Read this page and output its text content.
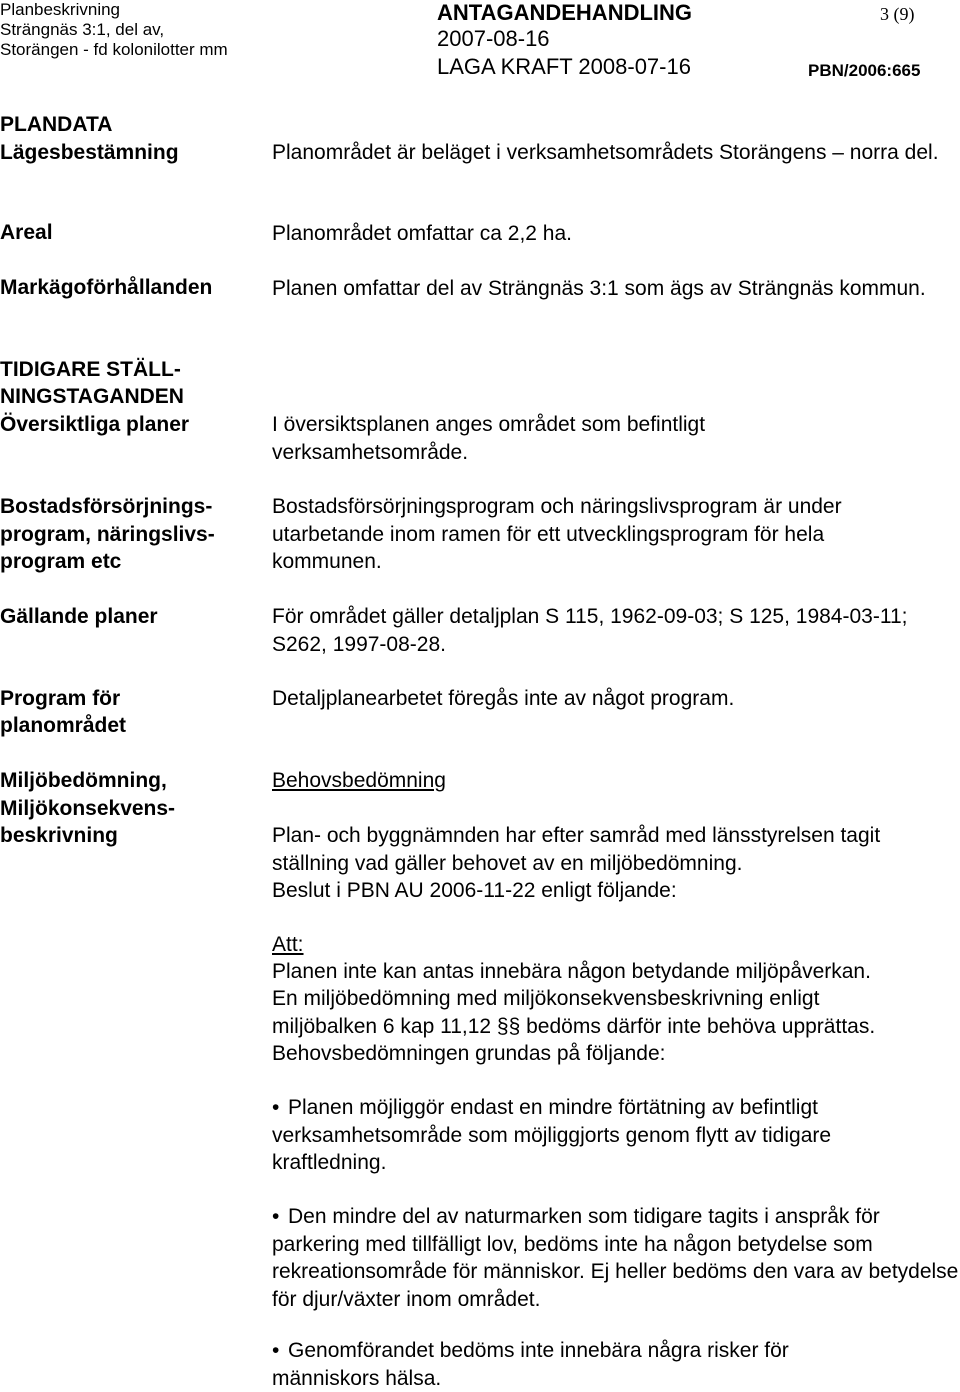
Planbeskrivning
Strängnäs 3:1, del av,
Storängen - fd kolonilotter mm
ANTAGANDEHANDLING
2007-08-16
LAGA KRAFT 2008-07-16
3 (9)
PBN/2006:665
PLANDATA
Lägesbestämning
Areal
Markägoförhållanden
TIDIGARE STÄLL-
NINGSTAGANDEN
Översiktliga planer
Bostadsförsörjnings-
program, näringslivs-
program etc
Gällande planer
Program för
planområdet
Miljöbedömning,
Miljökonsekvens-
beskrivning
Planområdet är beläget i verksamhetsområdets Storängens – norra del.
Planområdet omfattar ca 2,2 ha.
Planen omfattar del av Strängnäs 3:1 som ägs av Strängnäs kommun.
I översiktsplanen anges området som befintligt verksamhetsområde.
Bostadsförsörjningsprogram och näringslivsprogram är under utarbetande inom ramen för ett utvecklingsprogram för hela kommunen.
För området gäller detaljplan S 115, 1962-09-03; S 125, 1984-03-11; S262, 1997-08-28.
Detaljplanearbetet föregås inte av något program.
Behovsbedömning
Plan- och byggnämnden har efter samråd med länsstyrelsen tagit ställning vad gäller behovet av en miljöbedömning.
Beslut i PBN AU 2006-11-22 enligt följande:
Att:
Planen inte kan antas innebära någon betydande miljöpåverkan.
En miljöbedömning med miljökonsekvensbeskrivning enligt
miljöbalken 6 kap 11,12 §§ bedöms därför inte behöva upprättas.
Behovsbedömningen grundas på följande:
• Planen möjliggör endast en mindre förtätning av befintligt verksamhetsområde som möjliggjorts genom flytt av tidigare kraftledning.
• Den mindre del av naturmarken som tidigare tagits i anspråk för parkering med tillfälligt lov, bedöms inte ha någon betydelse som rekreationsområde för människor. Ej heller bedöms den vara av betydelse för djur/växter inom området.
• Genomförandet bedöms inte innebära några risker för människors hälsa.
